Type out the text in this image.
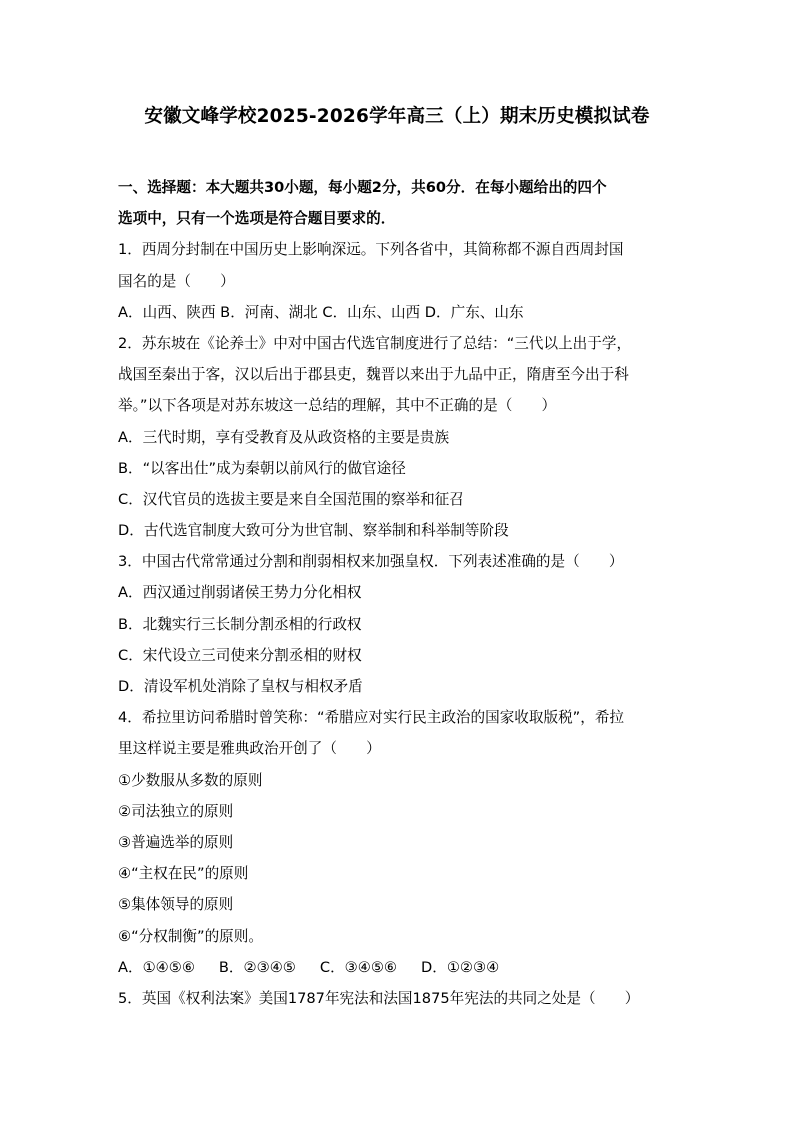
安徽文峰学校2025-2026学年高三（上）期末历史模拟试卷
一、选择题：本大题共30小题，每小题2分，共60分．在每小题给出的四个
选项中，只有一个选项是符合题目要求的．
1．西周分封制在中国历史上影响深远。下列各省中，其简称都不源自西周封国
国名的是（　　）
A．山西、陕西 B．河南、湖北 C．山东、山西 D．广东、山东
2．苏东坡在《论养士》中对中国古代选官制度进行了总结：“三代以上出于学，
战国至秦出于客，汉以后出于郡县吏，魏晋以来出于九品中正，隋唐至今出于科
举。”以下各项是对苏东坡这一总结的理解，其中不正确的是（　　）
A．三代时期，享有受教育及从政资格的主要是贵族
B．“以客出仕”成为秦朝以前风行的做官途径
C．汉代官员的选拔主要是来自全国范围的察举和征召
D．古代选官制度大致可分为世官制、察举制和科举制等阶段
3．中国古代常常通过分割和削弱相权来加强皇权．下列表述准确的是（　　）
A．西汉通过削弱诸侯王势力分化相权
B．北魏实行三长制分割丞相的行政权
C．宋代设立三司使来分割丞相的财权
D．清设军机处消除了皇权与相权矛盾
4．希拉里访问希腊时曾笑称：“希腊应对实行民主政治的国家收取版税”，希拉
里这样说主要是雅典政治开创了（　　）
①少数服从多数的原则
②司法独立的原则
③普遍选举的原则
④“主权在民”的原则
⑤集体领导的原则
⑥“分权制衡”的原则。
A．①④⑤⑥ B．②③④⑤ C．③④⑤⑥ D．①②③④
5．英国《权利法案》美国1787年宪法和法国1875年宪法的共同之处是（　　）
